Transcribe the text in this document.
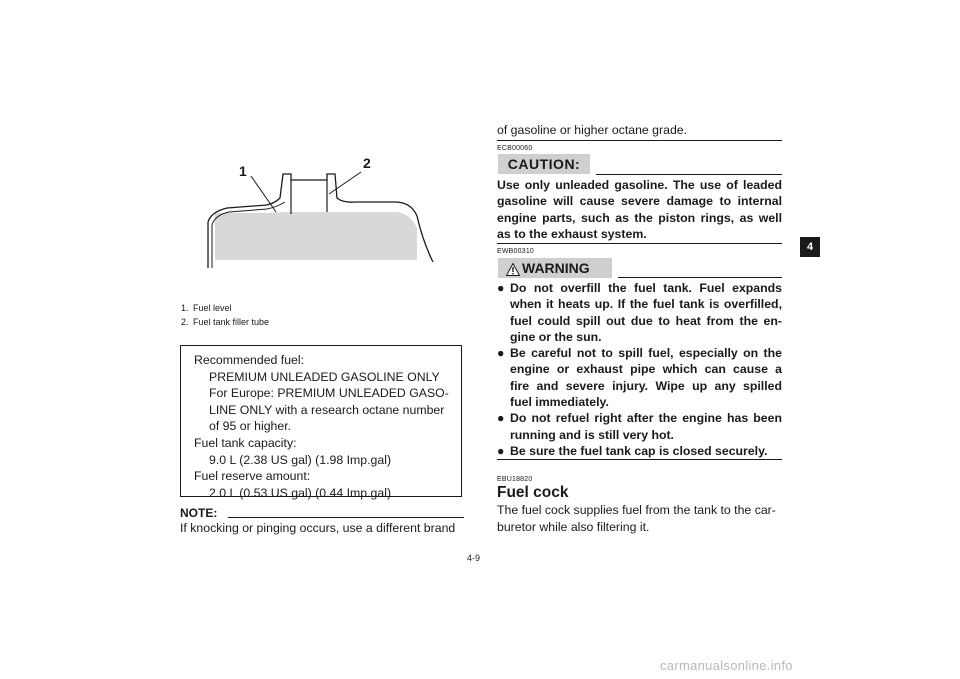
1	2
1. Fuel level
2. Fuel tank filler tube
Recommended fuel:
PREMIUM UNLEADED GASOLINE ONLY
For Europe: PREMIUM UNLEADED GASO-
LINE ONLY with a research octane number
of 95 or higher.
Fuel tank capacity:
9.0 L (2.38 US gal) (1.98 Imp.gal)
Fuel reserve amount:
2.0 L (0.53 US gal) (0.44 Imp.gal)
NOTE:
If knocking or pinging occurs, use a different brand
of gasoline or higher octane grade.
ECB00060
CAUTION:
Use only unleaded gasoline. The use of leaded
gasoline will cause severe damage to internal
engine parts, such as the piston rings, as well
as to the exhaust system.
EWB00310
WARNING
● Do not overfill the fuel tank. Fuel expands
when it heats up. If the fuel tank is overfilled,
fuel could spill out due to heat from the en-
gine or the sun.
● Be careful not to spill fuel, especially on the
engine or exhaust pipe which can cause a
fire and severe injury. Wipe up any spilled
fuel immediately.
● Do not refuel right after the engine has been
running and is still very hot.
● Be sure the fuel tank cap is closed securely.
EBU18820
Fuel cock
The fuel cock supplies fuel from the tank to the car-
buretor while also filtering it.
4-9
4
carmanualsonline.info
